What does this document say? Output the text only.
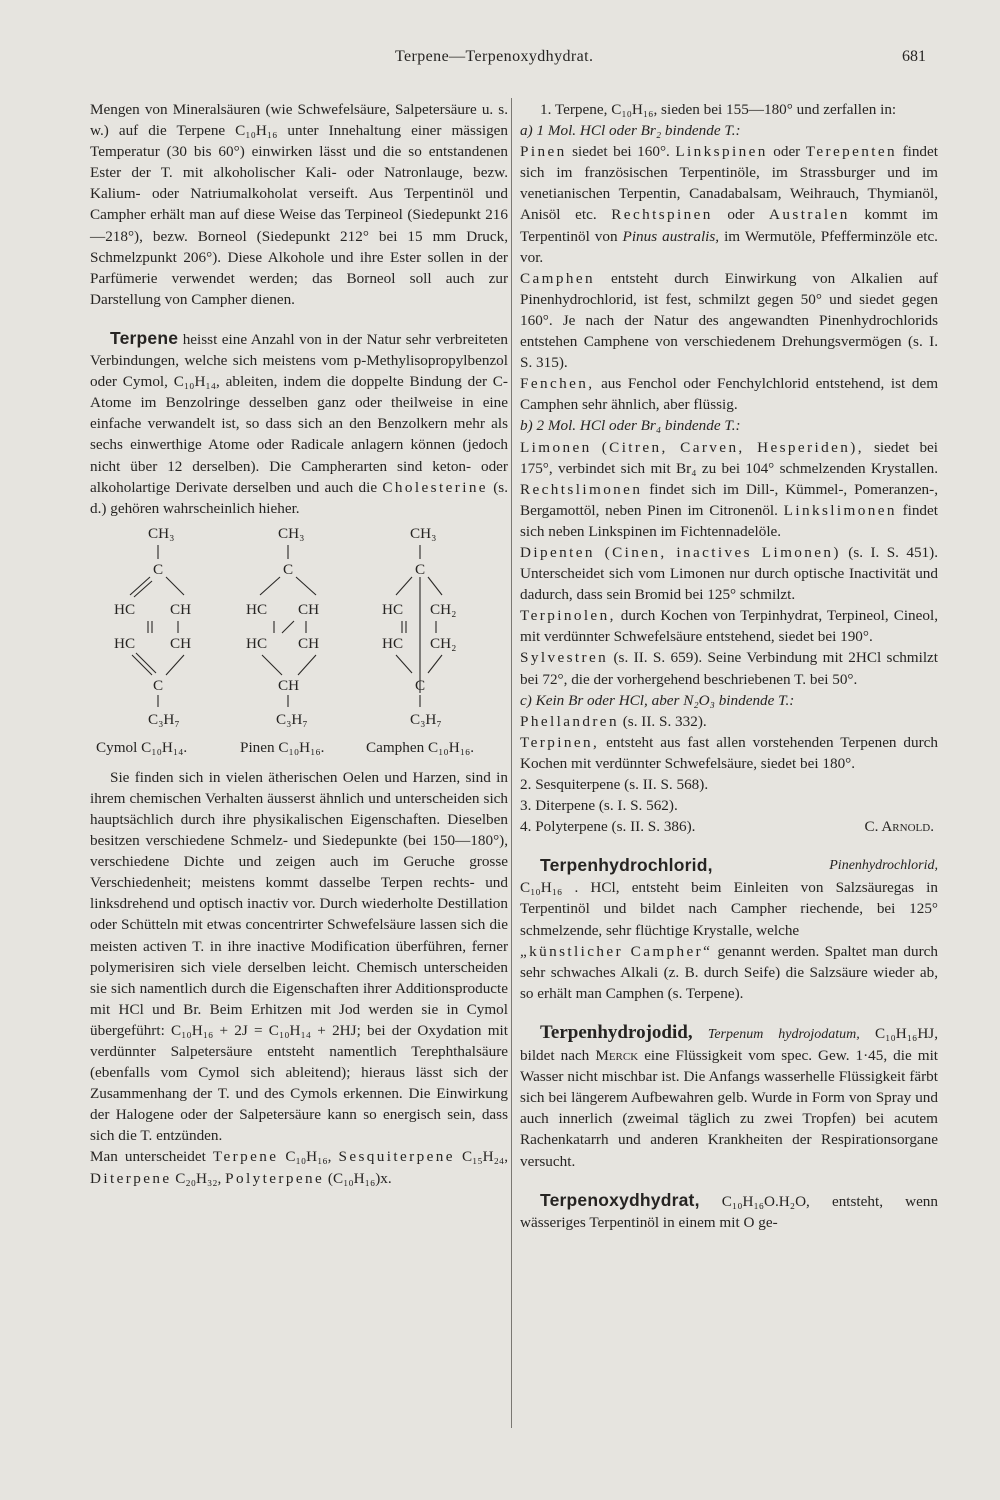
Terpene—Terpenoxydhydrat.	681

Mengen von Mineralsäuren (wie Schwefelsäure, Salpetersäure u. s. w.) auf die Terpene C₁₀H₁₆ unter Innehaltung einer mässigen Temperatur (30 bis 60°) einwirken lässt und die so entstandenen Ester der T. mit alkoholischer Kali- oder Natronlauge, bezw. Kalium- oder Natriumalkoholat verseift. Aus Terpentinöl und Campher erhält man auf diese Weise das Terpineol (Siedepunkt 216—218°), bezw. Borneol (Siedepunkt 212° bei 15 mm Druck, Schmelzpunkt 206°). Diese Alkohole und ihre Ester sollen in der Parfümerie verwendet werden; das Borneol soll auch zur Darstellung von Campher dienen.

Terpene heisst eine Anzahl von in der Natur sehr verbreiteten Verbindungen, welche sich meistens vom p-Methylisopropylbenzol oder Cymol, C₁₀H₁₄, ableiten, indem die doppelte Bindung der C-Atome im Benzolringe desselben ganz oder theilweise in eine einfache verwandelt ist, so dass sich an den Benzolkern mehr als sechs einwerthige Atome oder Radicale anlagern können (jedoch nicht über 12 derselben). Die Campherarten sind keton- oder alkoholartige Derivate derselben und auch die Cholesterine (s. d.) gehören wahrscheinlich hieher.

CH₃
C
HC CH
HC CH
C
C₃H₇
CH₃
C
HC CH
HC CH
CH
C₃H₇
CH₃
C
HC CH₂
HC CH₂
C
C₃H₇
Cymol C₁₀H₁₄.	Pinen C₁₀H₁₆.	Camphen C₁₀H₁₆.

Sie finden sich in vielen ätherischen Oelen und Harzen, sind in ihrem chemischen Verhalten äusserst ähnlich und unterscheiden sich hauptsächlich durch ihre physikalischen Eigenschaften. Dieselben besitzen verschiedene Schmelz- und Siedepunkte (bei 150—180°), verschiedene Dichte und zeigen auch im Geruche grosse Verschiedenheit; meistens kommt dasselbe Terpen rechts- und linksdrehend und optisch inactiv vor. Durch wiederholte Destillation oder Schütteln mit etwas concentrirter Schwefelsäure lassen sich die meisten activen T. in ihre inactive Modification überführen, ferner polymerisiren sich viele derselben leicht. Chemisch unterscheiden sie sich namentlich durch die Eigenschaften ihrer Additionsproducte mit HCl und Br. Beim Erhitzen mit Jod werden sie in Cymol übergeführt: C₁₀H₁₆ + 2J = C₁₀H₁₄ + 2HJ; bei der Oxydation mit verdünnter Salpetersäure entsteht namentlich Terephthalsäure (ebenfalls vom Cymol sich ableitend); hieraus lässt sich der Zusammenhang der T. und des Cymols erkennen. Die Einwirkung der Halogene oder der Salpetersäure kann so energisch sein, dass sich die T. entzünden.

Man unterscheidet Terpene C₁₀H₁₆, Sesquiterpene C₁₅H₂₄, Diterpene C₂₀H₃₂, Polyterpene (C₁₀H₁₆)x.

1. Terpene, C₁₀H₁₆, sieden bei 155—180° und zerfallen in:

a) 1 Mol. HCl oder Br₂ bindende T.:

Pinen siedet bei 160°. Linkspinen oder Terepenten findet sich im französischen Terpentinöle, im Strassburger und im venetianischen Terpentin, Canadabalsam, Weihrauch, Thymianöl, Anisöl etc. Rechtspinen oder Australen kommt im Terpentinöl von Pinus australis, im Wermutöle, Pfefferminzöle etc. vor.

Camphen entsteht durch Einwirkung von Alkalien auf Pinenhydrochlorid, ist fest, schmilzt gegen 50° und siedet gegen 160°. Je nach der Natur des angewandten Pinenhydrochlorids entstehen Camphene von verschiedenem Drehungsvermögen (s. I. S. 315).

Fenchen, aus Fenchol oder Fenchylchlorid entstehend, ist dem Camphen sehr ähnlich, aber flüssig.

b) 2 Mol. HCl oder Br₄ bindende T.:

Limonen (Citren, Carven, Hesperiden), siedet bei 175°, verbindet sich mit Br₄ zu bei 104° schmelzenden Krystallen. Rechtslimonen findet sich im Dill-, Kümmel-, Pomeranzen-, Bergamottöl, neben Pinen im Citronenöl. Linkslimonen findet sich neben Linkspinen im Fichtennadelöle.

Dipenten (Cinen, inactives Limonen) (s. I. S. 451). Unterscheidet sich vom Limonen nur durch optische Inactivität und dadurch, dass sein Bromid bei 125° schmilzt.

Terpinolen, durch Kochen von Terpinhydrat, Terpineol, Cineol, mit verdünnter Schwefelsäure entstehend, siedet bei 190°.

Sylvestren (s. II. S. 659). Seine Verbindung mit 2HCl schmilzt bei 72°, die der vorhergehend beschriebenen T. bei 50°.

c) Kein Br oder HCl, aber N₂O₃ bindende T.:

Phellandren (s. II. S. 332).

Terpinen, entsteht aus fast allen vorstehenden Terpenen durch Kochen mit verdünnter Schwefelsäure, siedet bei 180°.

2. Sesquiterpene (s. II. S. 568).

3. Diterpene (s. I. S. 562).

4. Polyterpene (s. II. S. 386).	C. Arnold.

Terpenhydrochlorid,	Pinenhydrochlorid,
C₁₀H₁₆ . HCl, entsteht beim Einleiten von Salzsäuregas in Terpentinöl und bildet nach Campher riechende, bei 125° schmelzende, sehr flüchtige Krystalle, welche
„künstlicher Campher“ genannt werden. Spaltet man durch sehr schwaches Alkali (z. B. durch Seife) die Salzsäure wieder ab, so erhält man Camphen (s. Terpene).

Terpenhydrojodid, Terpenum hydrojodatum, C₁₀H₁₆HJ, bildet nach Merck eine Flüssigkeit vom spec. Gew. 1·45, die mit Wasser nicht mischbar ist. Die Anfangs wasserhelle Flüssigkeit färbt sich bei längerem Aufbewahren gelb. Wurde in Form von Spray und auch innerlich (zweimal täglich zu zwei Tropfen) bei acutem Rachenkatarrh und anderen Krankheiten der Respirationsorgane versucht.

Terpenoxydhydrat, C₁₀H₁₆O.H₂O, entsteht, wenn wässeriges Terpentinöl in einem mit O ge-
